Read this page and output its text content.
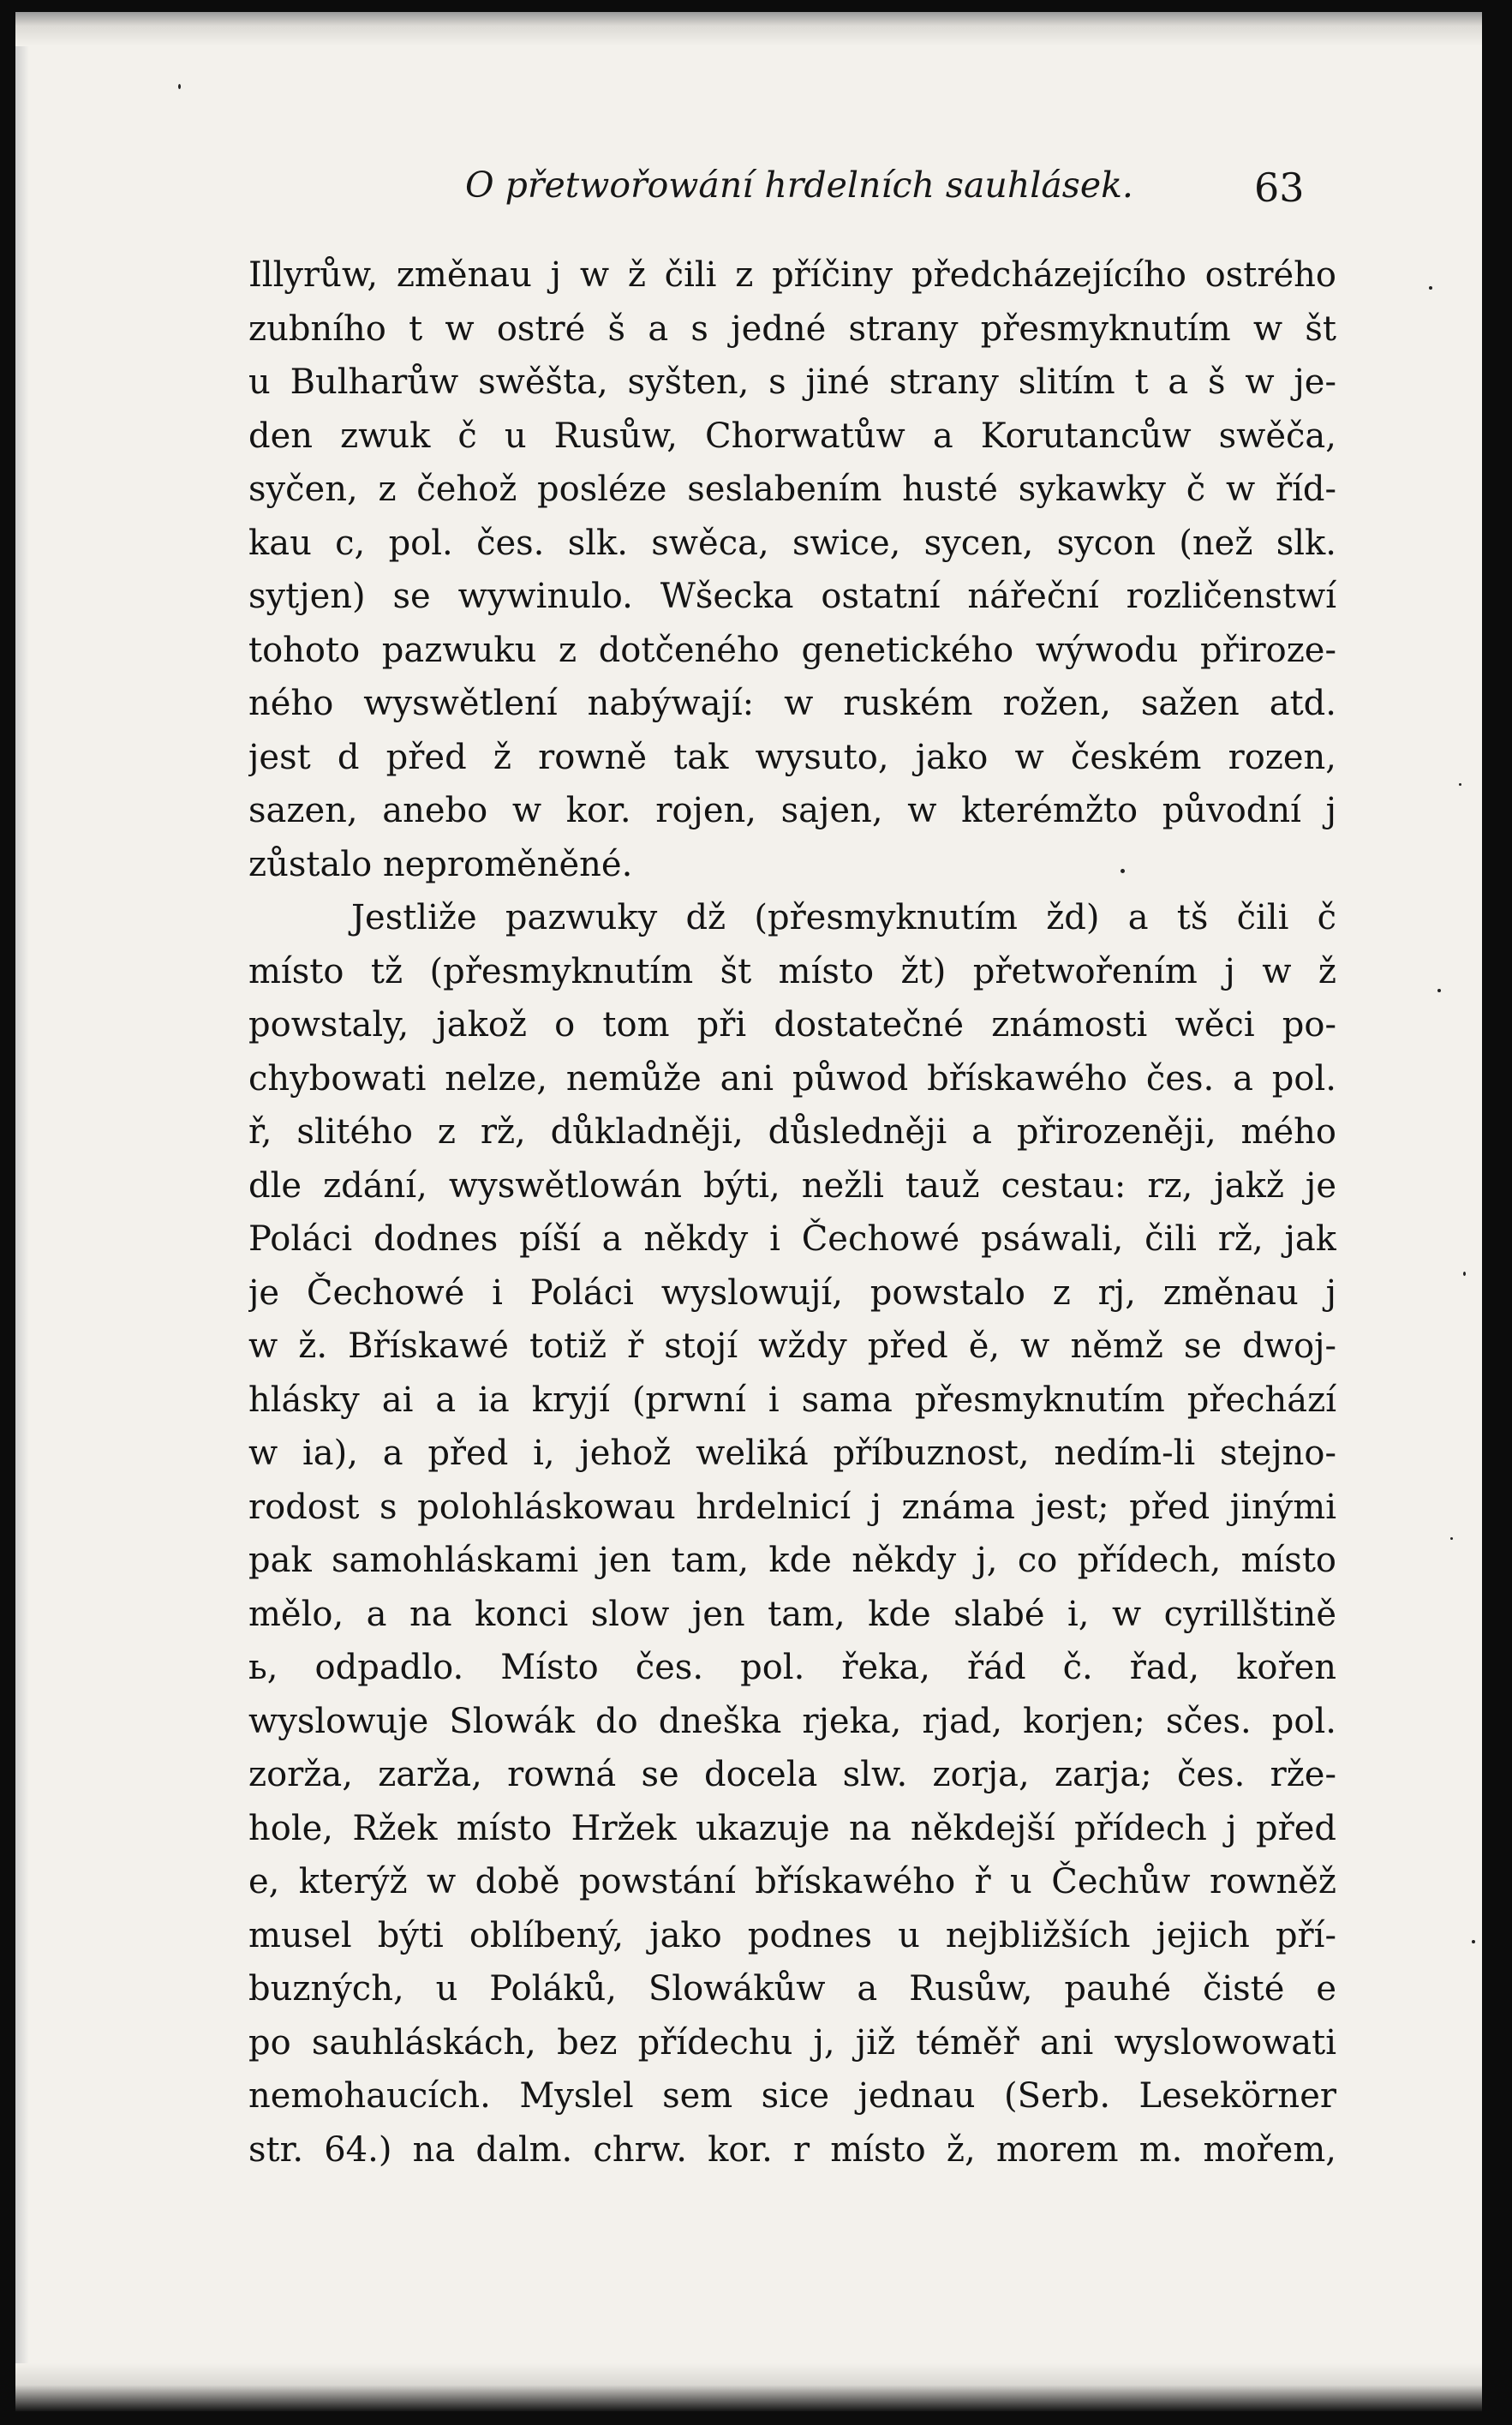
O přetwořowání hrdelních sauhlásek.	63
Illyrůw, změnau j w ž čili z příčiny předcházejícího ostrého
zubního t w ostré š a s jedné strany přesmyknutím w št
u Bulharůw swěšta, syšten, s jiné strany slitím t a š w je-
den zwuk č u Rusůw, Chorwatůw a Korutancůw swěča,
syčen, z čehož posléze seslabením husté sykawky č w říd-
kau c, pol. čes. slk. swěca, swice, sycen, sycon (než slk.
sytjen) se wywinulo. Wšecka ostatní nářeční rozličenstwí
tohoto pazwuku z dotčeného genetického wýwodu přiroze-
ného wyswětlení nabýwají: w ruském rožen, sažen atd.
jest d před ž rowně tak wysuto, jako w českém rozen,
sazen, anebo w kor. rojen, sajen, w kterémžto původní j
zůstalo neproměněné.
Jestliže pazwuky dž (přesmyknutím žd) a tš čili č
místo tž (přesmyknutím št místo žt) přetwořením j w ž
powstaly, jakož o tom při dostatečné známosti wěci po-
chybowati nelze, nemůže ani půwod břískawého čes. a pol.
ř, slitého z rž, důkladněji, důsledněji a přirozeněji, mého
dle zdání, wyswětlowán býti, nežli tauž cestau: rz, jakž je
Poláci dodnes píší a někdy i Čechowé psáwali, čili rž, jak
je Čechowé i Poláci wyslowují, powstalo z rj, změnau j
w ž. Břískawé totiž ř stojí wždy před ě, w němž se dwoj-
hlásky ai a ia kryjí (prwní i sama přesmyknutím přechází
w ia), a před i, jehož weliká příbuznost, nedím-li stejno-
rodost s polohláskowau hrdelnicí j známa jest; před jinými
pak samohláskami jen tam, kde někdy j, co přídech, místo
mělo, a na konci slow jen tam, kde slabé i, w cyrillštině
ь, odpadlo. Místo čes. pol. řeka, řád č. řad, kořen
wyslowuje Slowák do dneška rjeka, rjad, korjen; sčes. pol.
zorža, zarža, rowná se docela slw. zorja, zarja; čes. rže-
hole, Ržek místo Hržek ukazuje na někdejší přídech j před
e, kterýž w době powstání břískawého ř u Čechůw rowněž
musel býti oblíbený, jako podnes u nejbližších jejich pří-
buzných, u Poláků, Slowákůw a Rusůw, pauhé čisté e
po sauhláskách, bez přídechu j, již téměř ani wyslowowati
nemohaucích. Myslel sem sice jednau (Serb. Lesekörner
str. 64.) na dalm. chrw. kor. r místo ž, morem m. mořem,
